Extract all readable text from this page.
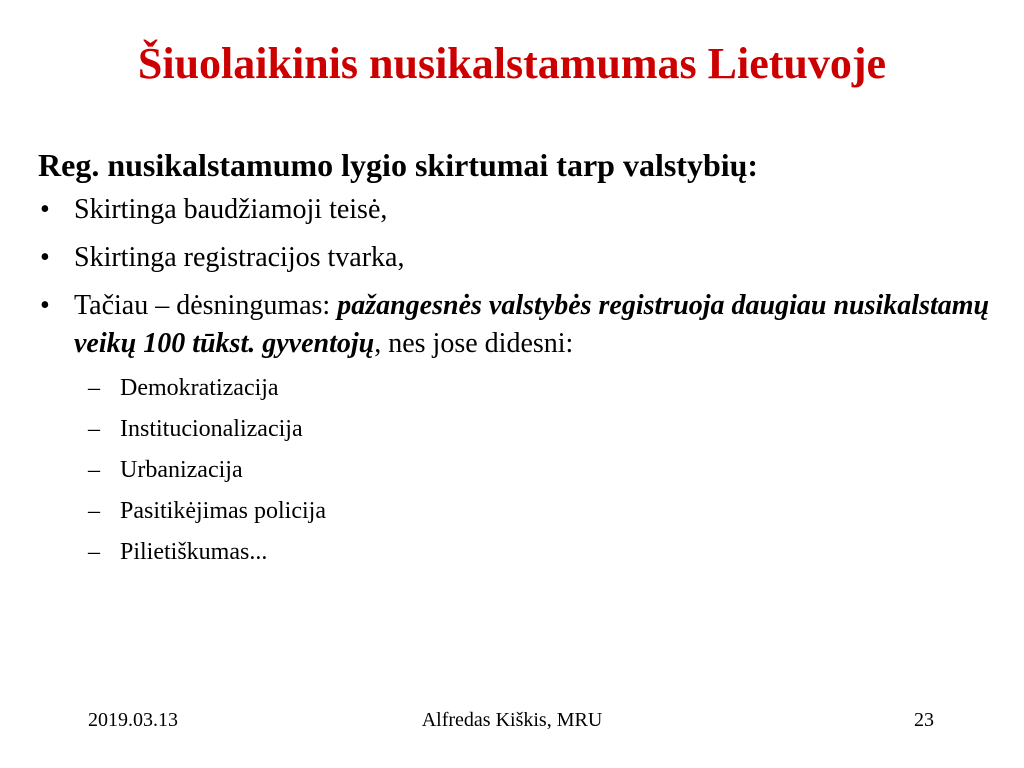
Šiuolaikinis nusikalstamumas Lietuvoje
Reg. nusikalstamumo lygio skirtumai tarp valstybių:
• Skirtinga baudžiamoji teisė,
• Skirtinga registracijos tvarka,
• Tačiau – dėsningumas: pažangesnės valstybės registruoja daugiau nusikalstamų veikų 100 tūkst. gyventojų, nes jose didesni:
– Demokratizacija
– Institucionalizacija
– Urbanizacija
– Pasitikėjimas policija
– Pilietiškumas...
2019.03.13	Alfredas Kiškis, MRU	23
